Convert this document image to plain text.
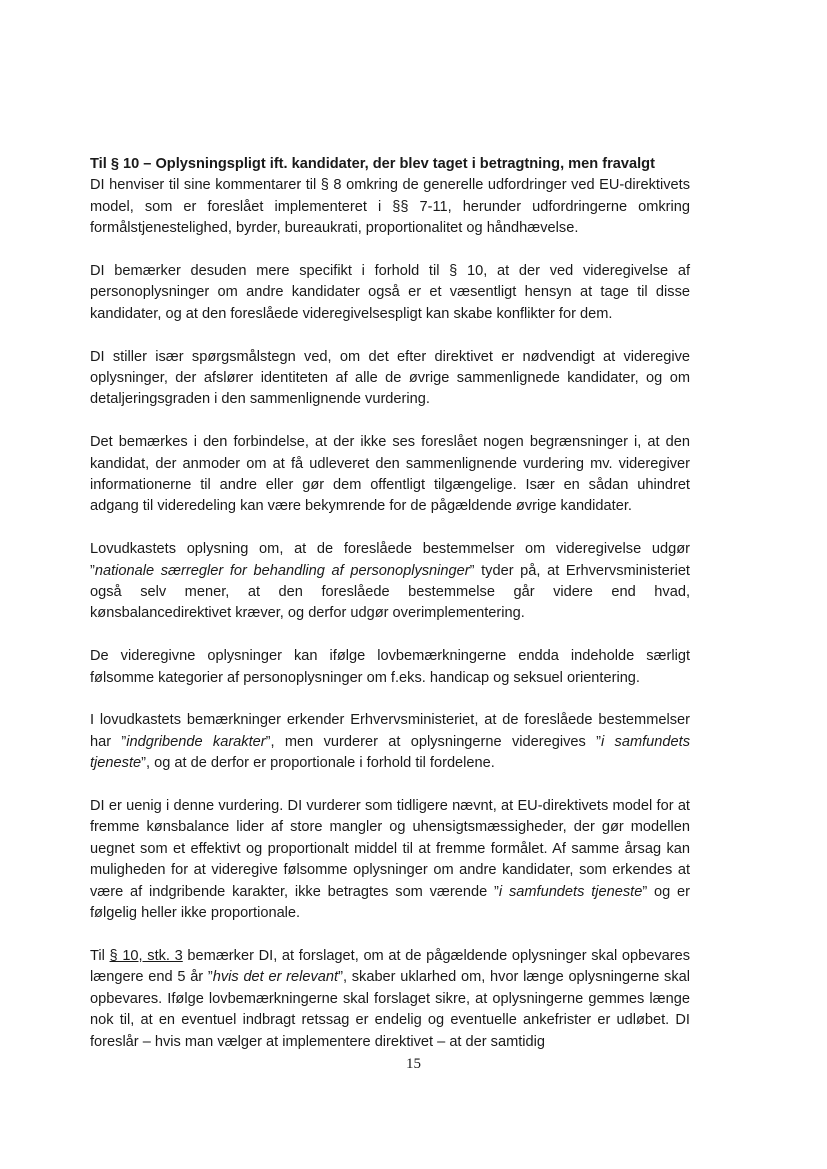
Til § 10 – Oplysningspligt ift. kandidater, der blev taget i betragtning, men fravalgt

DI henviser til sine kommentarer til § 8 omkring de generelle udfordringer ved EU-direktivets model, som er foreslået implementeret i §§ 7-11, herunder udfordringerne omkring formålstjenestelighed, byrder, bureaukrati, proportionalitet og håndhævelse.

DI bemærker desuden mere specifikt i forhold til § 10, at der ved videregivelse af personoplysninger om andre kandidater også er et væsentligt hensyn at tage til disse kandidater, og at den foreslåede videregivelsespligt kan skabe konflikter for dem.

DI stiller især spørgsmålstegn ved, om det efter direktivet er nødvendigt at videregive oplysninger, der afslører identiteten af alle de øvrige sammenlignede kandidater, og om detaljeringsgraden i den sammenlignende vurdering.

Det bemærkes i den forbindelse, at der ikke ses foreslået nogen begrænsninger i, at den kandidat, der anmoder om at få udleveret den sammenlignende vurdering mv. videregiver informationerne til andre eller gør dem offentligt tilgængelige. Især en sådan uhindret adgang til videredeling kan være bekymrende for de pågældende øvrige kandidater.

Lovudkastets oplysning om, at de foreslåede bestemmelser om videregivelse udgør ”nationale særregler for behandling af personoplysninger” tyder på, at Erhvervsministeriet også selv mener, at den foreslåede bestemmelse går videre end hvad, kønsbalancedirektivet kræver, og derfor udgør overimplementering.

De videregivne oplysninger kan ifølge lovbemærkningerne endda indeholde særligt følsomme kategorier af personoplysninger om f.eks. handicap og seksuel orientering.

I lovudkastets bemærkninger erkender Erhvervsministeriet, at de foreslåede bestemmelser har ”indgribende karakter”, men vurderer at oplysningerne videregives ”i samfundets tjeneste”, og at de derfor er proportionale i forhold til fordelene.

DI er uenig i denne vurdering. DI vurderer som tidligere nævnt, at EU-direktivets model for at fremme kønsbalance lider af store mangler og uhensigtsmæssigheder, der gør modellen uegnet som et effektivt og proportionalt middel til at fremme formålet. Af samme årsag kan muligheden for at videregive følsomme oplysninger om andre kandidater, som erkendes at være af indgribende karakter, ikke betragtes som værende ”i samfundets tjeneste” og er følgelig heller ikke proportionale.

Til § 10, stk. 3 bemærker DI, at forslaget, om at de pågældende oplysninger skal opbevares længere end 5 år ”hvis det er relevant”, skaber uklarhed om, hvor længe oplysningerne skal opbevares. Ifølge lovbemærkningerne skal forslaget sikre, at oplysningerne gemmes længe nok til, at en eventuel indbragt retssag er endelig og eventuelle ankefrister er udløbet. DI foreslår – hvis man vælger at implementere direktivet – at der samtidig

15
